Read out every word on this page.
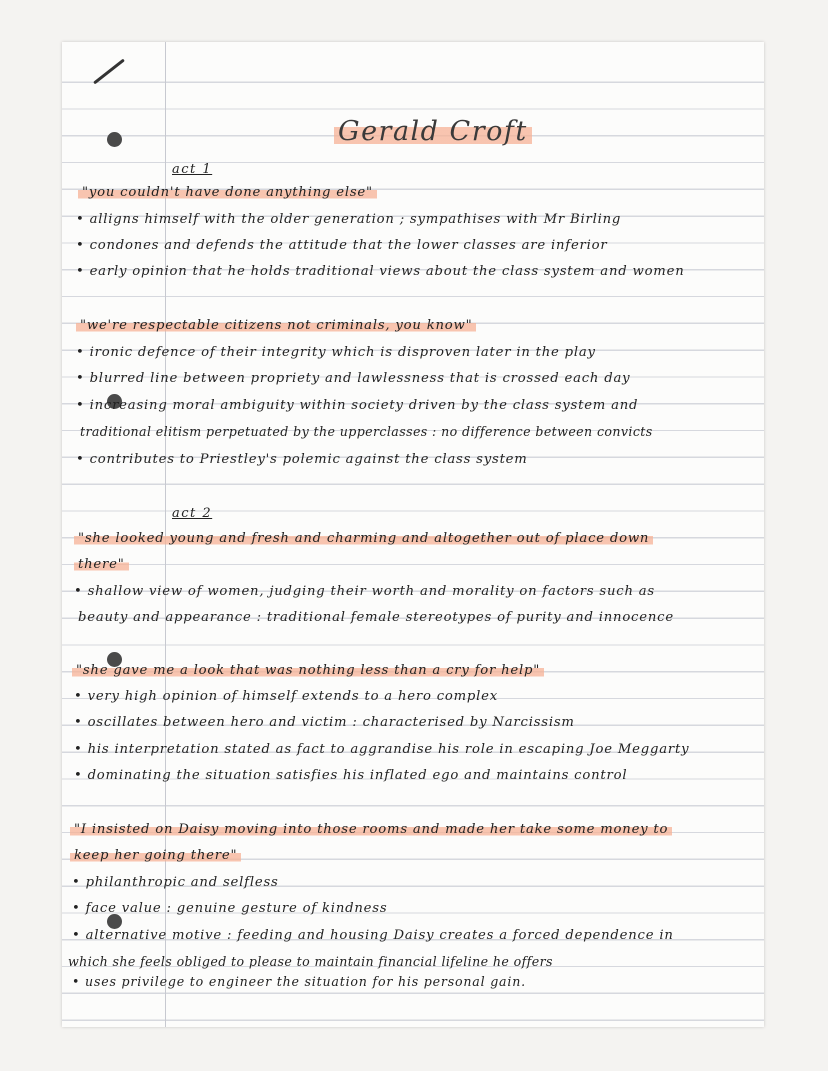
Gerald Croft
act 1
"you couldn't have done anything else"
• alligns himself with the older generation ; sympathises with Mr Birling
• condones and defends the attitude that the lower classes are inferior
• early opinion that he holds traditional views about the class system and women
"we're respectable citizens not criminals, you know"
• ironic defence of their integrity which is disproven later in the play
• blurred line between propriety and lawlessness that is crossed each day
• increasing moral ambiguity within society driven by the class system and
traditional elitism perpetuated by the upperclasses : no difference between convicts
• contributes to Priestley's polemic against the class system
act 2
"she looked young and fresh and charming and altogether out of place down
there"
• shallow view of women, judging their worth and morality on factors such as
beauty and appearance : traditional female stereotypes of purity and innocence
"she gave me a look that was nothing less than a cry for help"
• very high opinion of himself extends to a hero complex
• oscillates between hero and victim : characterised by Narcissism
• his interpretation stated as fact to aggrandise his role in escaping Joe Meggarty
• dominating the situation satisfies his inflated ego and maintains control
"I insisted on Daisy moving into those rooms and made her take some money to
keep her going there"
• philanthropic and selfless
• face value : genuine gesture of kindness
• alternative motive : feeding and housing Daisy creates a forced dependence in
which she feels obliged to please to maintain financial lifeline he offers
• uses privilege to engineer the situation for his personal gain.
